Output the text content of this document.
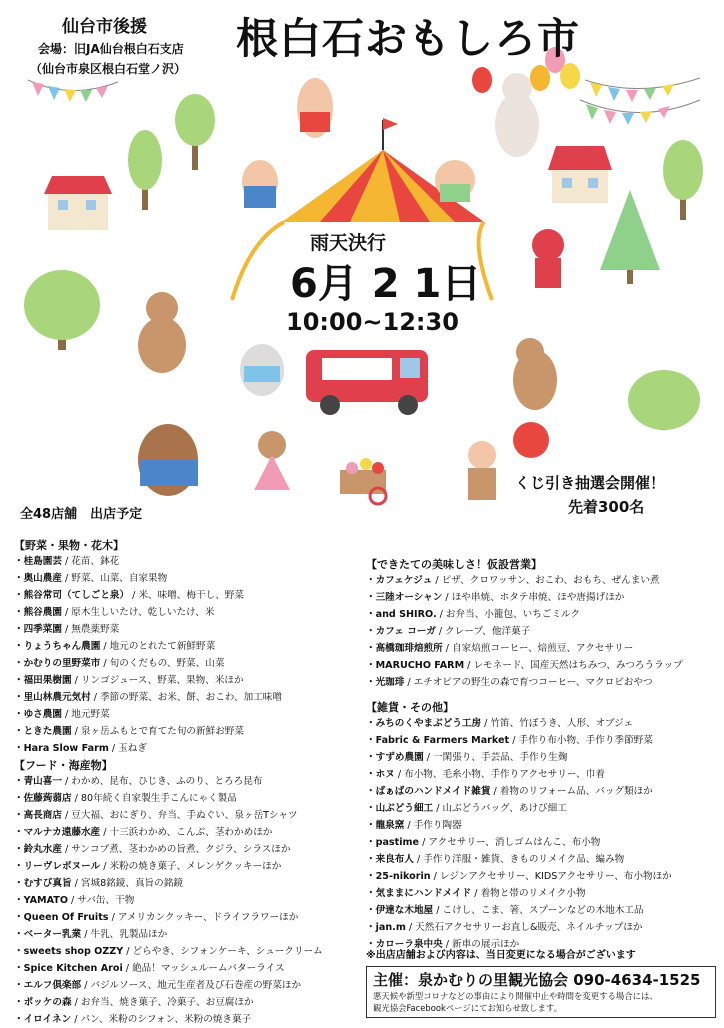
仙台市後援
会場：旧JA仙台根白石支店
（仙台市泉区根白石堂ノ沢）
根白石おもしろ市
雨天決行
6月 2 1日
10:00~12:30
くじ引き抽選会開催！
先着300名
全48店舗　出店予定
【野菜・果物・花木】
・桂島園芸 / 花苗、鉢花
・奥山農産 / 野菜、山菜、自家果物
・熊谷常司（てしごと泉） / 米、味噌、梅干し、野菜
・熊谷農園 / 原木生しいたけ、乾しいたけ、米
・四季菜園 / 無農薬野菜
・りょうちゃん農園 / 地元のとれたて新鮮野菜
・かむりの里野菜市 / 旬のくだもの、野菜、山菜
・福田果樹園 / リンゴジュース、野菜、果物、米ほか
・里山林農元気村 / 季節の野菜、お米、餅、おこわ、加工味噌
・ゆさ農園 / 地元野菜
・ときた農園 / 泉ヶ岳ふもとで育てた旬の新鮮お野菜
・Hara Slow Farm / 玉ねぎ
【フード・海産物】
・青山喜一 / わかめ、昆布、ひじき、ふのり、とろろ昆布
・佐藤蒟蒻店 / 80年続く自家製生手こんにゃく製品
・高長商店 / 豆大福、おにぎり、弁当、手ぬぐい、泉ヶ岳Tシャツ
・マルナカ遠藤水産 / 十三浜わかめ、こんぶ、茎わかめほか
・鈴丸水産 / サンコブ煮、茎わかめの旨煮、クジラ、シラスほか
・リーヴレボヌール / 米粉の焼き菓子、メレンゲクッキーほか
・むすび真旨 / 宮城8銘鏡、真旨の銘鏡
・YAMATO / サバ缶、干物
・Queen Of Fruits / アメリカンクッキー、ドライフラワーほか
・ベーター乳業 / 牛乳、乳製品ほか
・sweets shop OZZY / どらやき、シフォンケーキ、シュークリーム
・Spice Kitchen Aroi / 絶品！マッシュルームバターライス
・エルフ倶楽部 / バジルソース、地元生産者及び石巻産の野菜ほか
・ポッケの森 / お弁当、焼き菓子、冷菓子、お豆腐ほか
・イロイネン / パン、米粉のシフォン、米粉の焼き菓子
【できたての美味しさ！仮設営業】
・カフェケジュ / ピザ、クロワッサン、おこわ、おもち、ぜんまい煮
・三陸オーシャン / ほや串焼、ホタテ串焼、ほや唐揚げほか
・and SHIRO. / お弁当、小籠包、いちごミルク
・カフェ コーガ / クレープ、他洋菓子
・高橋珈琲焙煎所 / 自家焙煎コーヒー、焙煎豆、アクセサリー
・MARUCHO FARM / レモネード、国産天然はちみつ、みつろうラップ
・光珈琲 / エチオピアの野生の森で育つコーヒー、マクロビおやつ
【雑貨・その他】
・みちのくやまぶどう工房 / 竹笛、竹ぼうき、人形、オブジェ
・Fabric & Farmers Market / 手作り布小物、手作り季節野菜
・すずめ農園 / 一閑張り、手芸品、手作り生麹
・ホヌ / 布小物、毛糸小物、手作りアクセサリー、巾着
・ばぁばのハンドメイド雑貨 / 着物のリフォーム品、バッグ類ほか
・山ぶどう細工 / 山ぶどうバッグ、あけび細工
・龍泉窯 / 手作り陶器
・pastime / アクセサリー、消しゴムはんこ、布小物
・来良布人 / 手作り洋服・雑貨、きものリメイク品、編み物
・25-nikorin / レジンアクセサリー、KIDSアクセサリー、布小物ほか
・気ままにハンドメイド / 着物と帯のリメイク小物
・伊達な木地屋 / こけし、こま、箸、スプーンなどの木地木工品
・jan.m / 天然石アクセサリーお直し&販売、ネイルチップほか
・カローラ泉中央 / 新車の展示ほか
※出店店舗および内容は、当日変更になる場合がございます
主催：泉かむりの里観光協会 090-4634-1525
悪天候や新型コロナなどの事由により開催中止や時間を変更する場合には、
観光協会Facebookページにてお知らせ致します。
